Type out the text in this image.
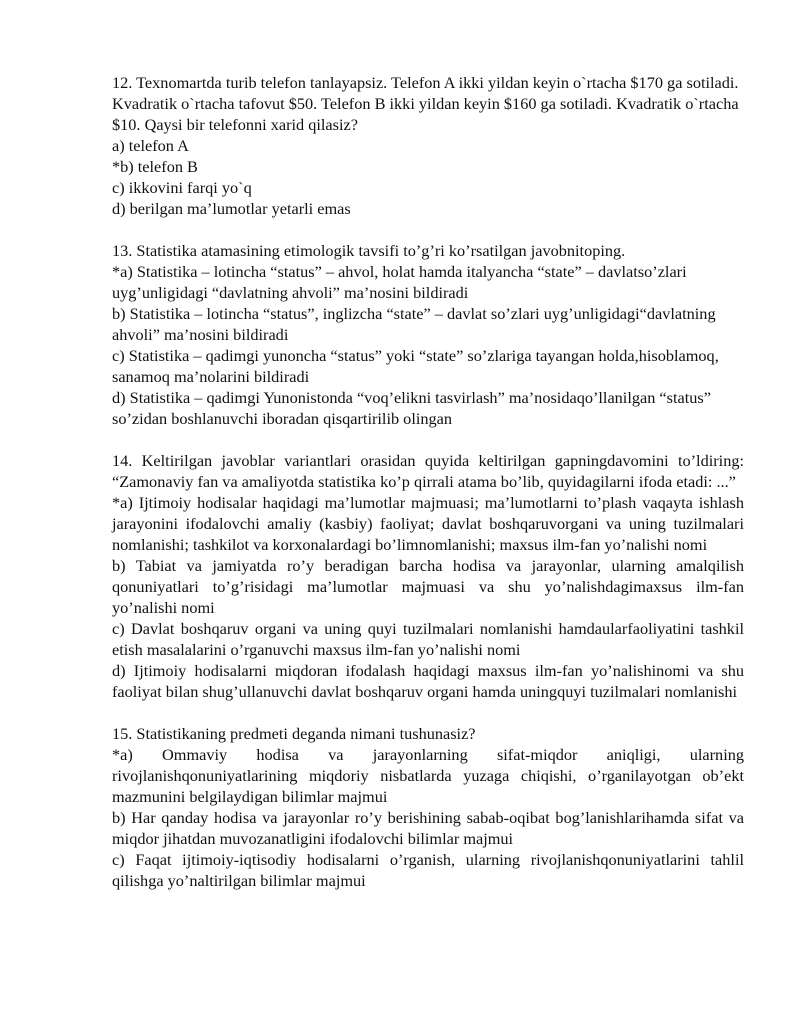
12. Texnomartda turib telefon tanlayapsiz. Telefon A ikki yildan keyin o`rtacha $170 ga sotiladi. Kvadratik o`rtacha tafovut $50. Telefon B ikki yildan keyin $160 ga sotiladi. Kvadratik o`rtacha $10. Qaysi bir telefonni xarid qilasiz?

a) telefon A

*b) telefon B

c) ikkovini farqi yo`q

d) berilgan ma’lumotlar yetarli emas

13. Statistika atamasining etimologik tavsifi to’g’ri ko’rsatilgan javobnitoping.

*a) Statistika – lotincha “status” – ahvol, holat hamda italyancha “state” – davlatso’zlari uyg’unligidagi “davlatning ahvoli” ma’nosini bildiradi

b) Statistika – lotincha “status”, inglizcha “state” – davlat so’zlari uyg’unligidagi“davlatning ahvoli” ma’nosini bildiradi

c) Statistika – qadimgi yunoncha “status” yoki “state” so’zlariga tayangan holda,hisoblamoq, sanamoq ma’nolarini bildiradi

d) Statistika – qadimgi Yunonistonda “voq’elikni tasvirlash” ma’nosidaqo’llanilgan “status” so’zidan boshlanuvchi iboradan qisqartirilib olingan

14. Keltirilgan javoblar variantlari orasidan quyida keltirilgan gapningdavomini to’ldiring: “Zamonaviy fan va amaliyotda statistika ko’p qirrali atama bo’lib, quyidagilarni ifoda etadi: ...”

*a) Ijtimoiy hodisalar haqidagi ma’lumotlar majmuasi; ma’lumotlarni to’plash vaqayta ishlash jarayonini ifodalovchi amaliy (kasbiy) faoliyat; davlat boshqaruvorgani va uning tuzilmalari nomlanishi; tashkilot va korxonalardagi bo’limnomlanishi; maxsus ilm-fan yo’nalishi nomi

b) Tabiat va jamiyatda ro’y beradigan barcha hodisa va jarayonlar, ularning amalqilish qonuniyatlari to’g’risidagi ma’lumotlar majmuasi va shu yo’nalishdagimaxsus ilm-fan yo’nalishi nomi

c) Davlat boshqaruv organi va uning quyi tuzilmalari nomlanishi hamdaularfaoliyatini tashkil etish masalalarini o’rganuvchi maxsus ilm-fan yo’nalishi nomi

d) Ijtimoiy hodisalarni miqdoran ifodalash haqidagi maxsus ilm-fan yo’nalishinomi va shu faoliyat bilan shug’ullanuvchi davlat boshqaruv organi hamda uningquyi tuzilmalari nomlanishi

15. Statistikaning predmeti deganda nimani tushunasiz?

*a) Ommaviy hodisa va jarayonlarning sifat-miqdor aniqligi, ularning rivojlanishqonuniyatlarining miqdoriy nisbatlarda yuzaga chiqishi, o’rganilayotgan ob’ekt mazmunini belgilaydigan bilimlar majmui

b) Har qanday hodisa va jarayonlar ro’y berishining sabab-oqibat bog’lanishlarihamda sifat va miqdor jihatdan muvozanatligini ifodalovchi bilimlar majmui

c) Faqat ijtimoiy-iqtisodiy hodisalarni o’rganish, ularning rivojlanishqonuniyatlarini tahlil qilishga yo’naltirilgan bilimlar majmui
